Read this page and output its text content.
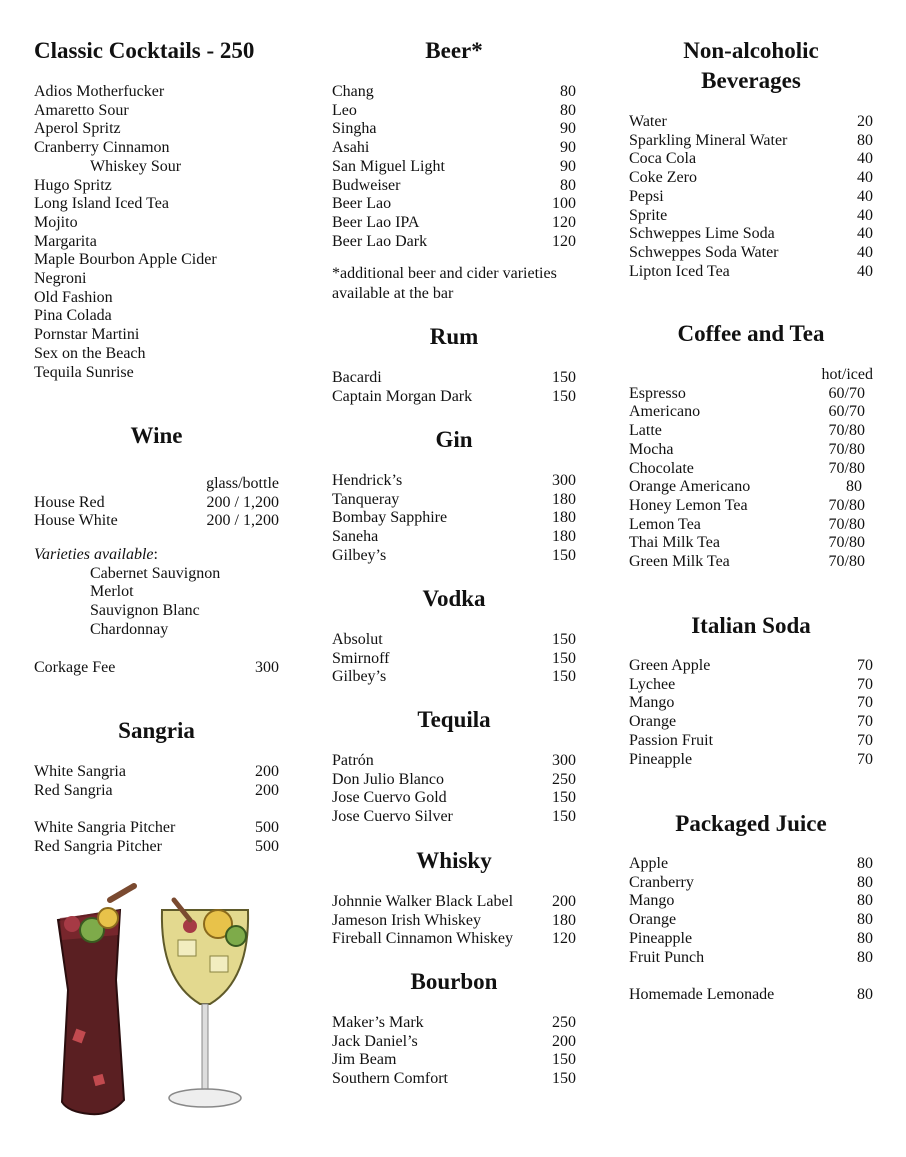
Classic Cocktails - 250
Adios Motherfucker
Amaretto Sour
Aperol Spritz
Cranberry Cinnamon
Whiskey Sour
Hugo Spritz
Long Island Iced Tea
Mojito
Margarita
Maple Bourbon Apple Cider
Negroni
Old Fashion
Pina Colada
Pornstar Martini
Sex on the Beach
Tequila Sunrise
Wine
glass/bottle
House Red	200 / 1,200
House White	200 / 1,200
Varieties available:
Cabernet Sauvignon
Merlot
Sauvignon Blanc
Chardonnay
Corkage Fee	300
Sangria
White Sangria	200
Red Sangria	200
White Sangria Pitcher	500
Red Sangria Pitcher	500
Beer*
Chang	80
Leo	80
Singha	90
Asahi	90
San Miguel Light	90
Budweiser	80
Beer Lao	100
Beer Lao IPA	120
Beer Lao Dark	120
*additional beer and cider varieties available at the bar
Rum
Bacardi	150
Captain Morgan Dark	150
Gin
Hendrick’s	300
Tanqueray	180
Bombay Sapphire	180
Saneha	180
Gilbey’s	150
Vodka
Absolut	150
Smirnoff	150
Gilbey’s	150
Tequila
Patrón	300
Don Julio Blanco	250
Jose Cuervo Gold	150
Jose Cuervo Silver	150
Whisky
Johnnie Walker Black Label 200
Jameson Irish Whiskey	180
Fireball Cinnamon Whiskey 120
Bourbon
Maker’s Mark	250
Jack Daniel’s	200
Jim Beam	150
Southern Comfort	150
Non-alcoholic
Beverages
Water	20
Sparkling Mineral Water	80
Coca Cola	40
Coke Zero	40
Pepsi	40
Sprite	40
Schweppes Lime Soda	40
Schweppes Soda Water	40
Lipton Iced Tea	40
Coffee and Tea
hot/iced
Espresso	60/70
Americano	60/70
Latte	70/80
Mocha	70/80
Chocolate	70/80
Orange Americano	80
Honey Lemon Tea	70/80
Lemon Tea	70/80
Thai Milk Tea	70/80
Green Milk Tea	70/80
Italian Soda
Green Apple	70
Lychee	70
Mango	70
Orange	70
Passion Fruit	70
Pineapple	70
Packaged Juice
Apple	80
Cranberry	80
Mango	80
Orange	80
Pineapple	80
Fruit Punch	80
Homemade Lemonade	80
